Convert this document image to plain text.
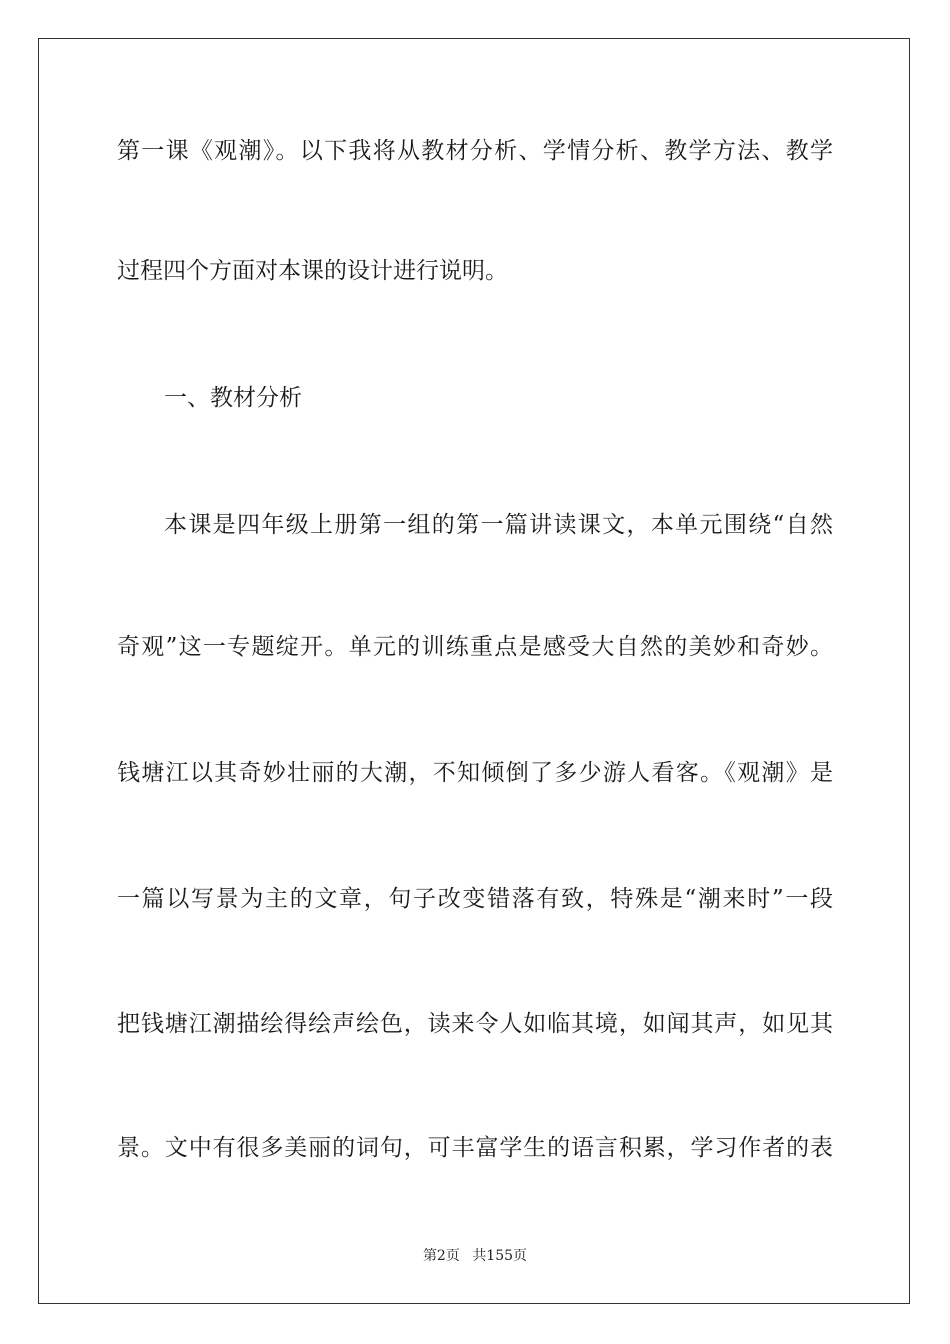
第一课《观潮》。以下我将从教材分析、学情分析、教学方法、教学
过程四个方面对本课的设计进行说明。
一、教材分析
本课是四年级上册第一组的第一篇讲读课文，本单元围绕“自然
奇观”这一专题绽开。单元的训练重点是感受大自然的美妙和奇妙。
钱塘江以其奇妙壮丽的大潮，不知倾倒了多少游人看客。《观潮》是
一篇以写景为主的文章，句子改变错落有致，特殊是“潮来时”一段
把钱塘江潮描绘得绘声绘色，读来令人如临其境，如闻其声，如见其
景。文中有很多美丽的词句，可丰富学生的语言积累，学习作者的表
第2页 共155页
